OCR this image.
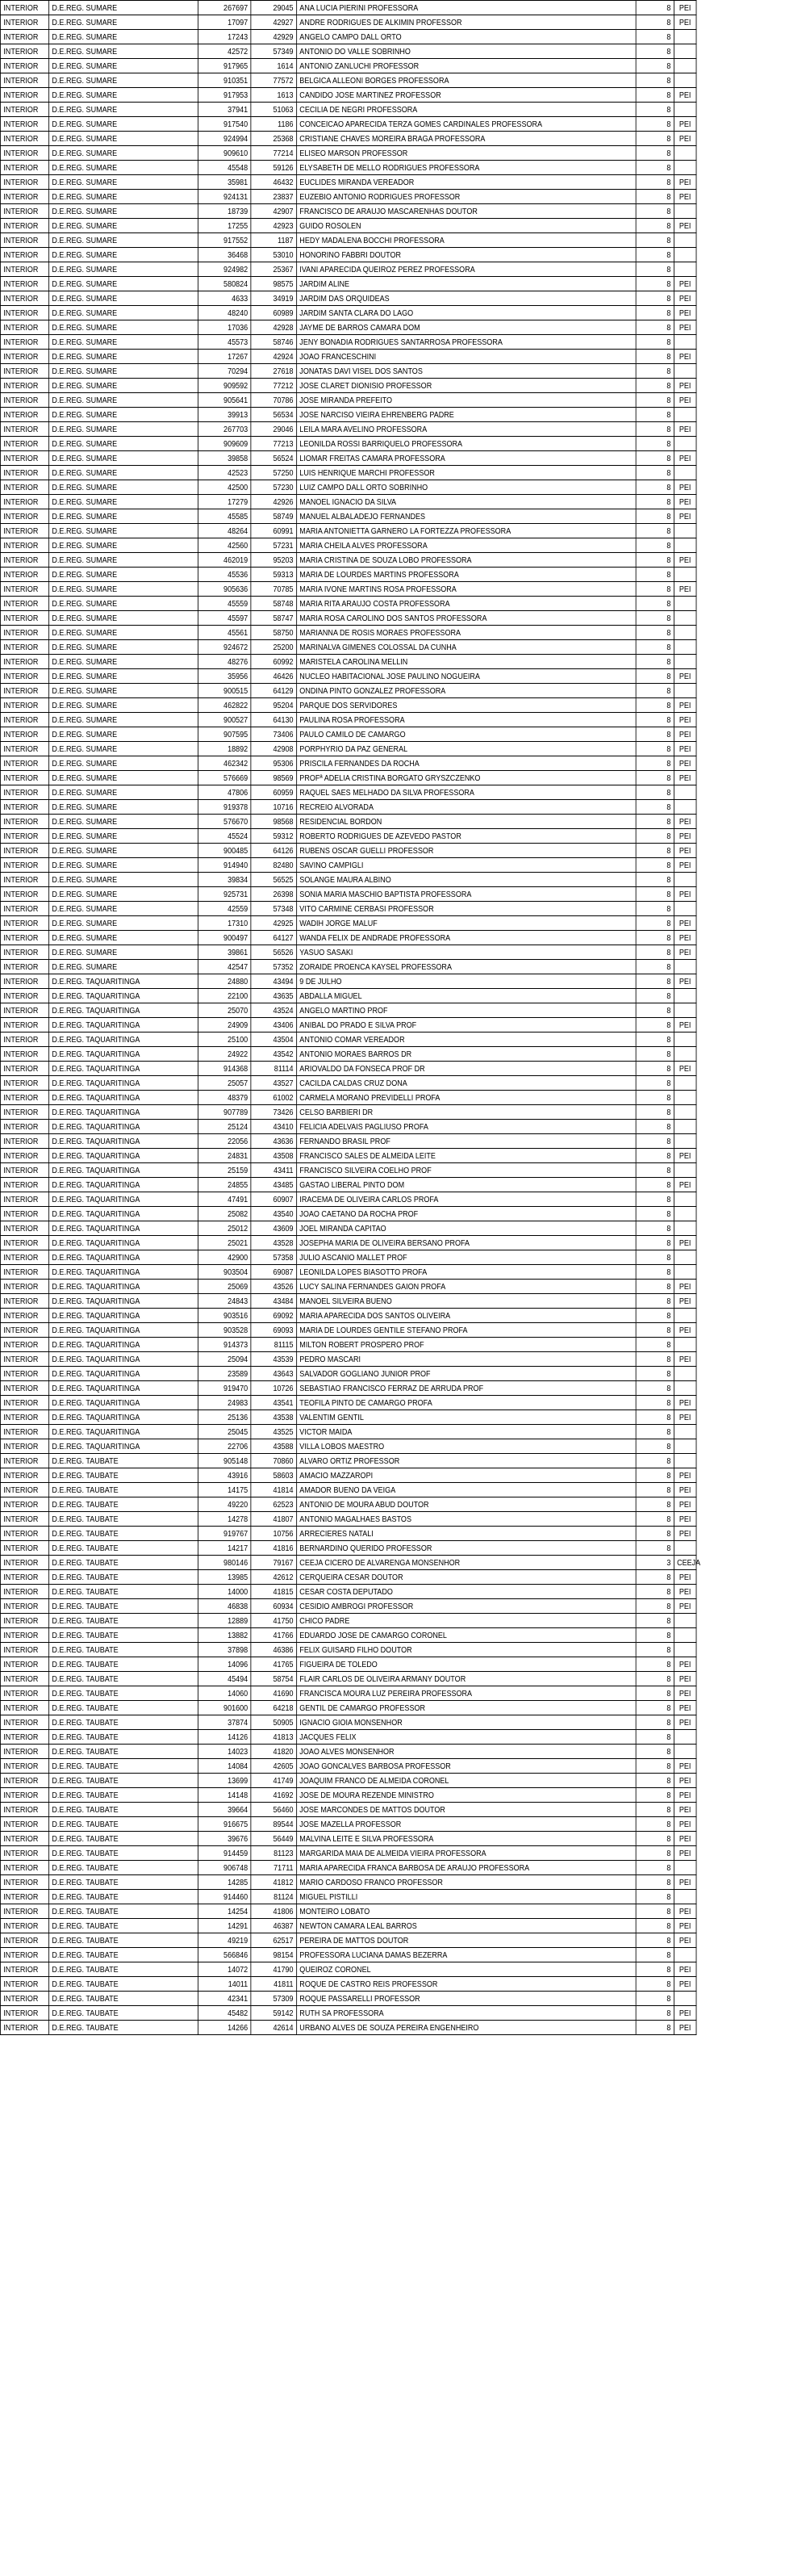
INTERIOR	D.E.REG. SUMARE	267697	29045	ANA LUCIA PIERINI PROFESSORA	8	PEI
INTERIOR	D.E.REG. SUMARE	17097	42927	ANDRE RODRIGUES DE ALKIMIN PROFESSOR	8	PEI
INTERIOR	D.E.REG. SUMARE	17243	42929	ANGELO CAMPO DALL ORTO	8	
INTERIOR	D.E.REG. SUMARE	42572	57349	ANTONIO DO VALLE SOBRINHO	8	
INTERIOR	D.E.REG. SUMARE	917965	1614	ANTONIO ZANLUCHI PROFESSOR	8	
INTERIOR	D.E.REG. SUMARE	910351	77572	BELGICA ALLEONI BORGES PROFESSORA	8	
INTERIOR	D.E.REG. SUMARE	917953	1613	CANDIDO JOSE MARTINEZ PROFESSOR	8	PEI
INTERIOR	D.E.REG. SUMARE	37941	51063	CECILIA DE NEGRI PROFESSORA	8	
INTERIOR	D.E.REG. SUMARE	917540	1186	CONCEICAO APARECIDA TERZA GOMES CARDINALES PROFESSORA	8	PEI
INTERIOR	D.E.REG. SUMARE	924994	25368	CRISTIANE CHAVES MOREIRA BRAGA PROFESSORA	8	PEI
INTERIOR	D.E.REG. SUMARE	909610	77214	ELISEO MARSON PROFESSOR	8	
INTERIOR	D.E.REG. SUMARE	45548	59126	ELYSABETH DE MELLO RODRIGUES PROFESSORA	8	
INTERIOR	D.E.REG. SUMARE	35981	46432	EUCLIDES MIRANDA VEREADOR	8	PEI
INTERIOR	D.E.REG. SUMARE	924131	23837	EUZEBIO ANTONIO RODRIGUES PROFESSOR	8	PEI
INTERIOR	D.E.REG. SUMARE	18739	42907	FRANCISCO DE ARAUJO MASCARENHAS DOUTOR	8	
INTERIOR	D.E.REG. SUMARE	17255	42923	GUIDO ROSOLEN	8	PEI
INTERIOR	D.E.REG. SUMARE	917552	1187	HEDY MADALENA BOCCHI PROFESSORA	8	
INTERIOR	D.E.REG. SUMARE	36468	53010	HONORINO FABBRI DOUTOR	8	
INTERIOR	D.E.REG. SUMARE	924982	25367	IVANI APARECIDA QUEIROZ PEREZ PROFESSORA	8	
INTERIOR	D.E.REG. SUMARE	580824	98575	JARDIM ALINE	8	PEI
INTERIOR	D.E.REG. SUMARE	4633	34919	JARDIM DAS ORQUIDEAS	8	PEI
INTERIOR	D.E.REG. SUMARE	48240	60989	JARDIM SANTA CLARA DO LAGO	8	PEI
INTERIOR	D.E.REG. SUMARE	17036	42928	JAYME DE BARROS CAMARA DOM	8	PEI
INTERIOR	D.E.REG. SUMARE	45573	58746	JENY BONADIA RODRIGUES SANTARROSA PROFESSORA	8	
INTERIOR	D.E.REG. SUMARE	17267	42924	JOAO FRANCESCHINI	8	PEI
INTERIOR	D.E.REG. SUMARE	70294	27618	JONATAS DAVI VISEL DOS SANTOS	8	
INTERIOR	D.E.REG. SUMARE	909592	77212	JOSE CLARET DIONISIO PROFESSOR	8	PEI
INTERIOR	D.E.REG. SUMARE	905641	70786	JOSE MIRANDA PREFEITO	8	PEI
INTERIOR	D.E.REG. SUMARE	39913	56534	JOSE NARCISO VIEIRA EHRENBERG PADRE	8	
INTERIOR	D.E.REG. SUMARE	267703	29046	LEILA MARA AVELINO PROFESSORA	8	PEI
INTERIOR	D.E.REG. SUMARE	909609	77213	LEONILDA ROSSI BARRIQUELO PROFESSORA	8	
INTERIOR	D.E.REG. SUMARE	39858	56524	LIOMAR FREITAS CAMARA PROFESSORA	8	PEI
INTERIOR	D.E.REG. SUMARE	42523	57250	LUIS HENRIQUE MARCHI PROFESSOR	8	
INTERIOR	D.E.REG. SUMARE	42500	57230	LUIZ CAMPO DALL ORTO SOBRINHO	8	PEI
INTERIOR	D.E.REG. SUMARE	17279	42926	MANOEL IGNACIO DA SILVA	8	PEI
INTERIOR	D.E.REG. SUMARE	45585	58749	MANUEL ALBALADEJO FERNANDES	8	PEI
INTERIOR	D.E.REG. SUMARE	48264	60991	MARIA ANTONIETTA GARNERO LA FORTEZZA PROFESSORA	8	
INTERIOR	D.E.REG. SUMARE	42560	57231	MARIA CHEILA ALVES PROFESSORA	8	
INTERIOR	D.E.REG. SUMARE	462019	95203	MARIA CRISTINA DE SOUZA LOBO PROFESSORA	8	PEI
INTERIOR	D.E.REG. SUMARE	45536	59313	MARIA DE LOURDES MARTINS PROFESSORA	8	
INTERIOR	D.E.REG. SUMARE	905636	70785	MARIA IVONE MARTINS ROSA PROFESSORA	8	PEI
INTERIOR	D.E.REG. SUMARE	45559	58748	MARIA RITA ARAUJO COSTA PROFESSORA	8	
INTERIOR	D.E.REG. SUMARE	45597	58747	MARIA ROSA CAROLINO DOS SANTOS PROFESSORA	8	
INTERIOR	D.E.REG. SUMARE	45561	58750	MARIANNA DE ROSIS MORAES PROFESSORA	8	
INTERIOR	D.E.REG. SUMARE	924672	25200	MARINALVA GIMENES COLOSSAL DA CUNHA	8	
INTERIOR	D.E.REG. SUMARE	48276	60992	MARISTELA CAROLINA MELLIN	8	
INTERIOR	D.E.REG. SUMARE	35956	46426	NUCLEO HABITACIONAL JOSE PAULINO NOGUEIRA	8	PEI
INTERIOR	D.E.REG. SUMARE	900515	64129	ONDINA PINTO GONZALEZ PROFESSORA	8	
INTERIOR	D.E.REG. SUMARE	462822	95204	PARQUE DOS SERVIDORES	8	PEI
INTERIOR	D.E.REG. SUMARE	900527	64130	PAULINA ROSA PROFESSORA	8	PEI
INTERIOR	D.E.REG. SUMARE	907595	73406	PAULO CAMILO DE CAMARGO	8	PEI
INTERIOR	D.E.REG. SUMARE	18892	42908	PORPHYRIO DA PAZ GENERAL	8	PEI
INTERIOR	D.E.REG. SUMARE	462342	95306	PRISCILA FERNANDES DA ROCHA	8	PEI
INTERIOR	D.E.REG. SUMARE	576669	98569	PROFª ADELIA CRISTINA BORGATO GRYSZCZENKO	8	PEI
INTERIOR	D.E.REG. SUMARE	47806	60959	RAQUEL SAES MELHADO DA SILVA PROFESSORA	8	
INTERIOR	D.E.REG. SUMARE	919378	10716	RECREIO ALVORADA	8	
INTERIOR	D.E.REG. SUMARE	576670	98568	RESIDENCIAL BORDON	8	PEI
INTERIOR	D.E.REG. SUMARE	45524	59312	ROBERTO RODRIGUES DE AZEVEDO PASTOR	8	PEI
INTERIOR	D.E.REG. SUMARE	900485	64126	RUBENS OSCAR GUELLI PROFESSOR	8	PEI
INTERIOR	D.E.REG. SUMARE	914940	82480	SAVINO CAMPIGLI	8	PEI
INTERIOR	D.E.REG. SUMARE	39834	56525	SOLANGE MAURA ALBINO	8	
INTERIOR	D.E.REG. SUMARE	925731	26398	SONIA MARIA MASCHIO BAPTISTA PROFESSORA	8	PEI
INTERIOR	D.E.REG. SUMARE	42559	57348	VITO CARMINE CERBASI PROFESSOR	8	
INTERIOR	D.E.REG. SUMARE	17310	42925	WADIH JORGE MALUF	8	PEI
INTERIOR	D.E.REG. SUMARE	900497	64127	WANDA FELIX DE ANDRADE PROFESSORA	8	PEI
INTERIOR	D.E.REG. SUMARE	39861	56526	YASUO SASAKI	8	PEI
INTERIOR	D.E.REG. SUMARE	42547	57352	ZORAIDE PROENCA KAYSEL PROFESSORA	8	
INTERIOR	D.E.REG. TAQUARITINGA	24880	43494	9 DE JULHO	8	PEI
INTERIOR	D.E.REG. TAQUARITINGA	22100	43635	ABDALLA MIGUEL	8	
INTERIOR	D.E.REG. TAQUARITINGA	25070	43524	ANGELO MARTINO PROF	8	
INTERIOR	D.E.REG. TAQUARITINGA	24909	43406	ANIBAL DO PRADO E SILVA PROF	8	PEI
INTERIOR	D.E.REG. TAQUARITINGA	25100	43504	ANTONIO COMAR VEREADOR	8	
INTERIOR	D.E.REG. TAQUARITINGA	24922	43542	ANTONIO MORAES BARROS DR	8	
INTERIOR	D.E.REG. TAQUARITINGA	914368	81114	ARIOVALDO DA FONSECA PROF DR	8	PEI
INTERIOR	D.E.REG. TAQUARITINGA	25057	43527	CACILDA CALDAS CRUZ DONA	8	
INTERIOR	D.E.REG. TAQUARITINGA	48379	61002	CARMELA MORANO PREVIDELLI PROFA	8	
INTERIOR	D.E.REG. TAQUARITINGA	907789	73426	CELSO BARBIERI DR	8	
INTERIOR	D.E.REG. TAQUARITINGA	25124	43410	FELICIA ADELVAIS PAGLIUSO PROFA	8	
INTERIOR	D.E.REG. TAQUARITINGA	22056	43636	FERNANDO BRASIL PROF	8	
INTERIOR	D.E.REG. TAQUARITINGA	24831	43508	FRANCISCO SALES DE ALMEIDA LEITE	8	PEI
INTERIOR	D.E.REG. TAQUARITINGA	25159	43411	FRANCISCO SILVEIRA COELHO PROF	8	
INTERIOR	D.E.REG. TAQUARITINGA	24855	43485	GASTAO LIBERAL PINTO DOM	8	PEI
INTERIOR	D.E.REG. TAQUARITINGA	47491	60907	IRACEMA DE OLIVEIRA CARLOS PROFA	8	
INTERIOR	D.E.REG. TAQUARITINGA	25082	43540	JOAO CAETANO DA ROCHA PROF	8	
INTERIOR	D.E.REG. TAQUARITINGA	25012	43609	JOEL MIRANDA CAPITAO	8	
INTERIOR	D.E.REG. TAQUARITINGA	25021	43528	JOSEPHA MARIA DE OLIVEIRA BERSANO PROFA	8	PEI
INTERIOR	D.E.REG. TAQUARITINGA	42900	57358	JULIO ASCANIO MALLET PROF	8	
INTERIOR	D.E.REG. TAQUARITINGA	903504	69087	LEONILDA LOPES BIASOTTO PROFA	8	
INTERIOR	D.E.REG. TAQUARITINGA	25069	43526	LUCY SALINA FERNANDES GAION PROFA	8	PEI
INTERIOR	D.E.REG. TAQUARITINGA	24843	43484	MANOEL SILVEIRA BUENO	8	PEI
INTERIOR	D.E.REG. TAQUARITINGA	903516	69092	MARIA APARECIDA DOS SANTOS OLIVEIRA	8	
INTERIOR	D.E.REG. TAQUARITINGA	903528	69093	MARIA DE LOURDES GENTILE STEFANO PROFA	8	PEI
INTERIOR	D.E.REG. TAQUARITINGA	914373	81115	MILTON ROBERT PROSPERO PROF	8	
INTERIOR	D.E.REG. TAQUARITINGA	25094	43539	PEDRO MASCARI	8	PEI
INTERIOR	D.E.REG. TAQUARITINGA	23589	43643	SALVADOR GOGLIANO JUNIOR PROF	8	
INTERIOR	D.E.REG. TAQUARITINGA	919470	10726	SEBASTIAO FRANCISCO FERRAZ DE ARRUDA PROF	8	
INTERIOR	D.E.REG. TAQUARITINGA	24983	43541	TEOFILA PINTO DE CAMARGO PROFA	8	PEI
INTERIOR	D.E.REG. TAQUARITINGA	25136	43538	VALENTIM GENTIL	8	PEI
INTERIOR	D.E.REG. TAQUARITINGA	25045	43525	VICTOR MAIDA	8	
INTERIOR	D.E.REG. TAQUARITINGA	22706	43588	VILLA LOBOS MAESTRO	8	
INTERIOR	D.E.REG. TAUBATE	905148	70860	ALVARO ORTIZ PROFESSOR	8	
INTERIOR	D.E.REG. TAUBATE	43916	58603	AMACIO MAZZAROPI	8	PEI
INTERIOR	D.E.REG. TAUBATE	14175	41814	AMADOR BUENO DA VEIGA	8	PEI
INTERIOR	D.E.REG. TAUBATE	49220	62523	ANTONIO DE MOURA ABUD DOUTOR	8	PEI
INTERIOR	D.E.REG. TAUBATE	14278	41807	ANTONIO MAGALHAES BASTOS	8	PEI
INTERIOR	D.E.REG. TAUBATE	919767	10756	ARRECIERES NATALI	8	PEI
INTERIOR	D.E.REG. TAUBATE	14217	41816	BERNARDINO QUERIDO PROFESSOR	8	
INTERIOR	D.E.REG. TAUBATE	980146	79167	CEEJA CICERO DE ALVARENGA MONSENHOR	3	CEEJA
INTERIOR	D.E.REG. TAUBATE	13985	42612	CERQUEIRA CESAR DOUTOR	8	PEI
INTERIOR	D.E.REG. TAUBATE	14000	41815	CESAR COSTA DEPUTADO	8	PEI
INTERIOR	D.E.REG. TAUBATE	46838	60934	CESIDIO AMBROGI PROFESSOR	8	PEI
INTERIOR	D.E.REG. TAUBATE	12889	41750	CHICO PADRE	8	
INTERIOR	D.E.REG. TAUBATE	13882	41766	EDUARDO JOSE DE CAMARGO CORONEL	8	
INTERIOR	D.E.REG. TAUBATE	37898	46386	FELIX GUISARD FILHO DOUTOR	8	
INTERIOR	D.E.REG. TAUBATE	14096	41765	FIGUEIRA DE TOLEDO	8	PEI
INTERIOR	D.E.REG. TAUBATE	45494	58754	FLAIR CARLOS DE OLIVEIRA ARMANY DOUTOR	8	PEI
INTERIOR	D.E.REG. TAUBATE	14060	41690	FRANCISCA MOURA LUZ PEREIRA PROFESSORA	8	PEI
INTERIOR	D.E.REG. TAUBATE	901600	64218	GENTIL DE CAMARGO PROFESSOR	8	PEI
INTERIOR	D.E.REG. TAUBATE	37874	50905	IGNACIO GIOIA MONSENHOR	8	PEI
INTERIOR	D.E.REG. TAUBATE	14126	41813	JACQUES FELIX	8	
INTERIOR	D.E.REG. TAUBATE	14023	41820	JOAO ALVES MONSENHOR	8	
INTERIOR	D.E.REG. TAUBATE	14084	42605	JOAO GONCALVES BARBOSA PROFESSOR	8	PEI
INTERIOR	D.E.REG. TAUBATE	13699	41749	JOAQUIM FRANCO DE ALMEIDA CORONEL	8	PEI
INTERIOR	D.E.REG. TAUBATE	14148	41692	JOSE DE MOURA REZENDE MINISTRO	8	PEI
INTERIOR	D.E.REG. TAUBATE	39664	56460	JOSE MARCONDES DE MATTOS DOUTOR	8	PEI
INTERIOR	D.E.REG. TAUBATE	916675	89544	JOSE MAZELLA PROFESSOR	8	PEI
INTERIOR	D.E.REG. TAUBATE	39676	56449	MALVINA LEITE E SILVA PROFESSORA	8	PEI
INTERIOR	D.E.REG. TAUBATE	914459	81123	MARGARIDA MAIA DE ALMEIDA VIEIRA PROFESSORA	8	PEI
INTERIOR	D.E.REG. TAUBATE	906748	71711	MARIA APARECIDA FRANCA BARBOSA DE ARAUJO PROFESSORA	8	
INTERIOR	D.E.REG. TAUBATE	14285	41812	MARIO CARDOSO FRANCO PROFESSOR	8	PEI
INTERIOR	D.E.REG. TAUBATE	914460	81124	MIGUEL PISTILLI	8	
INTERIOR	D.E.REG. TAUBATE	14254	41806	MONTEIRO LOBATO	8	PEI
INTERIOR	D.E.REG. TAUBATE	14291	46387	NEWTON CAMARA LEAL BARROS	8	PEI
INTERIOR	D.E.REG. TAUBATE	49219	62517	PEREIRA DE MATTOS DOUTOR	8	PEI
INTERIOR	D.E.REG. TAUBATE	566846	98154	PROFESSORA LUCIANA DAMAS BEZERRA	8	
INTERIOR	D.E.REG. TAUBATE	14072	41790	QUEIROZ CORONEL	8	PEI
INTERIOR	D.E.REG. TAUBATE	14011	41811	ROQUE DE CASTRO REIS PROFESSOR	8	PEI
INTERIOR	D.E.REG. TAUBATE	42341	57309	ROQUE PASSARELLI PROFESSOR	8	
INTERIOR	D.E.REG. TAUBATE	45482	59142	RUTH SA PROFESSORA	8	PEI
INTERIOR	D.E.REG. TAUBATE	14266	42614	URBANO ALVES DE SOUZA PEREIRA ENGENHEIRO	8	PEI
